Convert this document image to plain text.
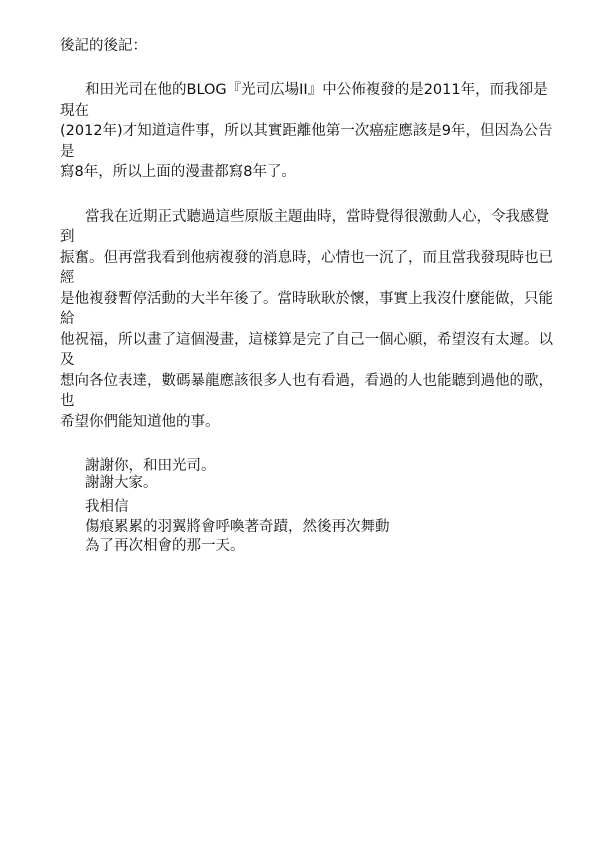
後記的後記：

和田光司在他的BLOG『光司広場II』中公佈複發的是2011年，而我卻是現在
(2012年)才知道這件事，所以其實距離他第一次癌症應該是9年，但因為公告是
寫8年，所以上面的漫畫都寫8年了。

當我在近期正式聽過這些原版主題曲時，當時覺得很激動人心，令我感覺到
振奮。但再當我看到他病複發的消息時，心情也一沉了，而且當我發現時也已經
是他複發暫停活動的大半年後了。當時耿耿於懷，事實上我沒什麼能做，只能給
他祝福，所以畫了這個漫畫，這樣算是完了自己一個心願，希望沒有太遲。以及
想向各位表達，數碼暴龍應該很多人也有看過，看過的人也能聽到過他的歌，也
希望你們能知道他的事。

謝謝你，和田光司。

我相信
傷痕累累的羽翼將會呼喚著奇蹟，然後再次舞動
為了再次相會的那一天。
謝謝大家。
